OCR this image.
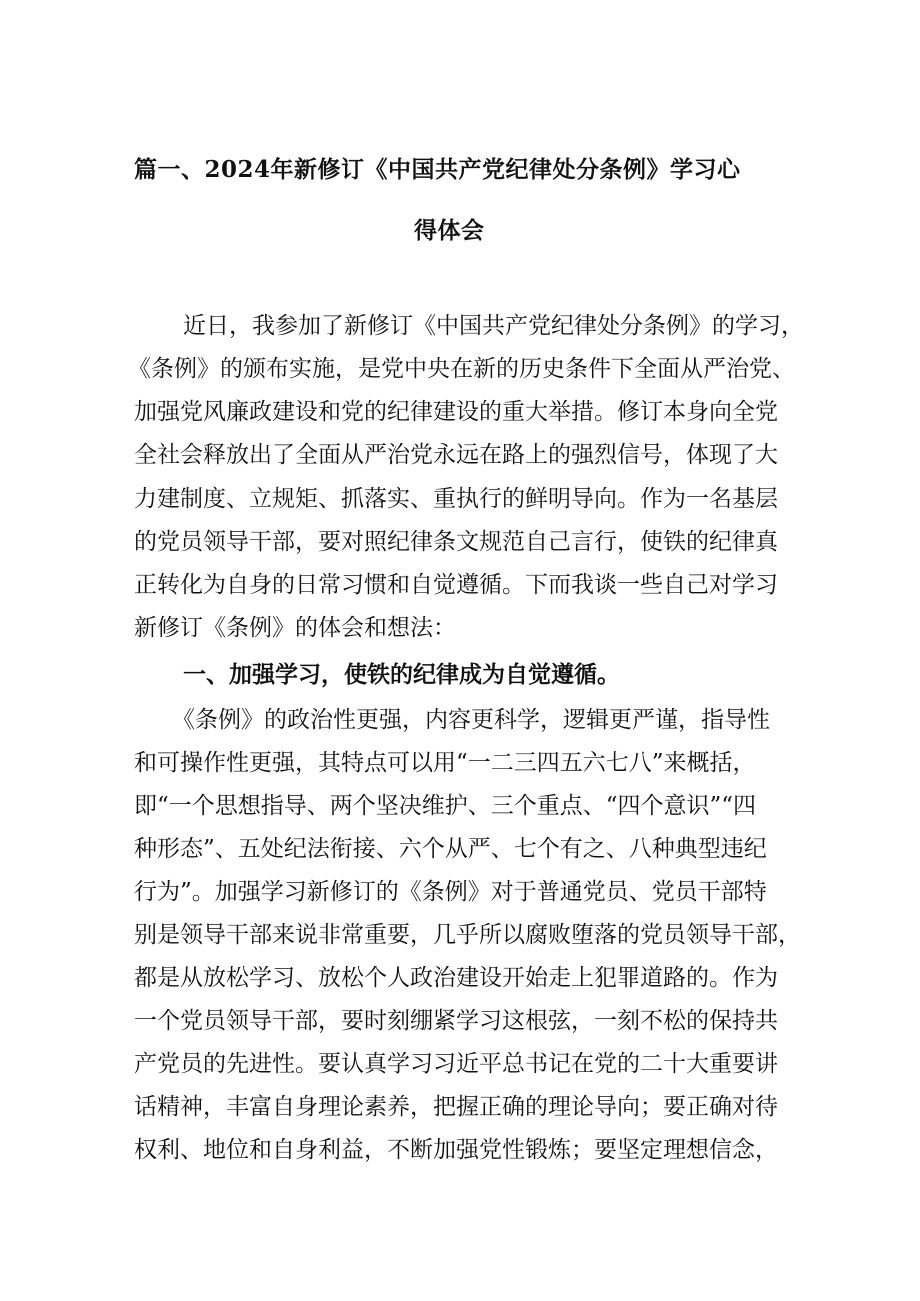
篇一、2024年新修订《中国共产党纪律处分条例》学习心
得体会

近日，我参加了新修订《中国共产党纪律处分条例》的学习，

《条例》的颁布实施，是党中央在新的历史条件下全面从严治党、

加强党风廉政建设和党的纪律建设的重大举措。修订本身向全党

全社会释放出了全面从严治党永远在路上的强烈信号，体现了大

力建制度、立规矩、抓落实、重执行的鲜明导向。作为一名基层

的党员领导干部，要对照纪律条文规范自己言行，使铁的纪律真

正转化为自身的日常习惯和自觉遵循。下而我谈一些自己对学习

新修订《条例》的体会和想法：

一、加强学习，使铁的纪律成为自觉遵循。

《条例》的政治性更强，内容更科学，逻辑更严谨，指导性

和可操作性更强，其特点可以用“一二三四五六七八”来概括，

即“一个思想指导、两个坚决维护、三个重点、“四个意识”“四

种形态”、五处纪法衔接、六个从严、七个有之、八种典型违纪

行为”。加强学习新修订的《条例》对于普通党员、党员干部特

别是领导干部来说非常重要，几乎所以腐败堕落的党员领导干部，

都是从放松学习、放松个人政治建设开始走上犯罪道路的。作为

一个党员领导干部，要时刻绷紧学习这根弦，一刻不松的保持共

产党员的先进性。要认真学习习近平总书记在党的二十大重要讲

话精神，丰富自身理论素养，把握正确的理论导向；要正确对待

权利、地位和自身利益，不断加强党性锻炼；要坚定理想信念，
